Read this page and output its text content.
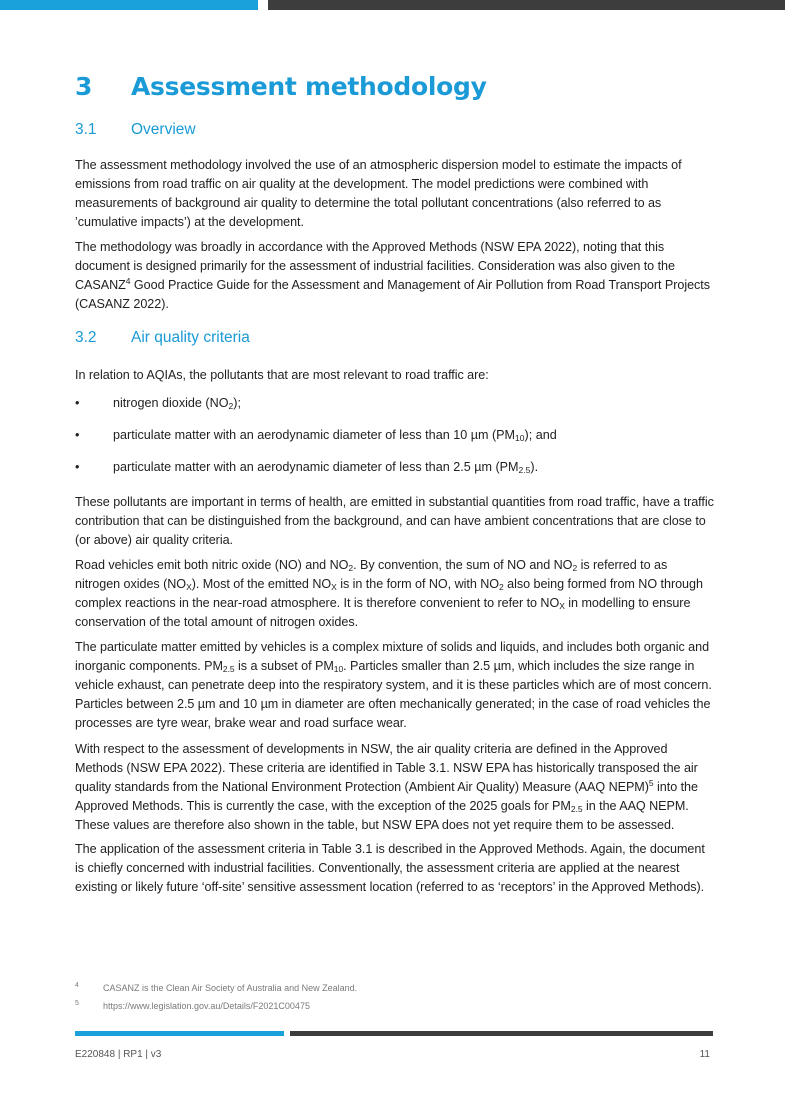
3 Assessment methodology
3.1 Overview

The assessment methodology involved the use of an atmospheric dispersion model to estimate the impacts of emissions from road traffic on air quality at the development. The model predictions were combined with measurements of background air quality to determine the total pollutant concentrations (also referred to as ’cumulative impacts’) at the development.

The methodology was broadly in accordance with the Approved Methods (NSW EPA 2022), noting that this document is designed primarily for the assessment of industrial facilities. Consideration was also given to the CASANZ$^4$ Good Practice Guide for the Assessment and Management of Air Pollution from Road Transport Projects (CASANZ 2022).

3.2 Air quality criteria

In relation to AQIAs, the pollutants that are most relevant to road traffic are:

•	nitrogen dioxide $(NO_2)$;
•	particulate matter with an aerodynamic diameter of less than 10 µm $(PM_{10})$; and
•	particulate matter with an aerodynamic diameter of less than 2.5 µm $(PM_{2.5})$.

These pollutants are important in terms of health, are emitted in substantial quantities from road traffic, have a traffic contribution that can be distinguished from the background, and can have ambient concentrations that are close to (or above) air quality criteria.

Road vehicles emit both nitric oxide (NO) and $NO_2$. By convention, the sum of NO and $NO_2$ is referred to as nitrogen oxides $(NO_X)$. Most of the emitted $NO_X$ is in the form of NO, with $NO_2$ also being formed from NO through complex reactions in the near-road atmosphere. It is therefore convenient to refer to $NO_X$ in modelling to ensure conservation of the total amount of nitrogen oxides.

The particulate matter emitted by vehicles is a complex mixture of solids and liquids, and includes both organic and inorganic components. $PM_{2.5}$ is a subset of $PM_{10}$. Particles smaller than 2.5 µm, which includes the size range in vehicle exhaust, can penetrate deep into the respiratory system, and it is these particles which are of most concern. Particles between 2.5 µm and 10 µm in diameter are often mechanically generated; in the case of road vehicles the processes are tyre wear, brake wear and road surface wear.

With respect to the assessment of developments in NSW, the air quality criteria are defined in the Approved Methods (NSW EPA 2022). These criteria are identified in Table 3.1. NSW EPA has historically transposed the air quality standards from the National Environment Protection (Ambient Air Quality) Measure (AAQ NEPM)$^5$ into the Approved Methods. This is currently the case, with the exception of the 2025 goals for $PM_{2.5}$ in the AAQ NEPM. These values are therefore also shown in the table, but NSW EPA does not yet require them to be assessed.

The application of the assessment criteria in Table 3.1 is described in the Approved Methods. Again, the document is chiefly concerned with industrial facilities. Conventionally, the assessment criteria are applied at the nearest existing or likely future ‘off-site’ sensitive assessment location (referred to as ‘receptors’ in the Approved Methods).

4	CASANZ is the Clean Air Society of Australia and New Zealand.
5	https://www.legislation.gov.au/Details/F2021C00475
E220848 | RP1 | v3	11
